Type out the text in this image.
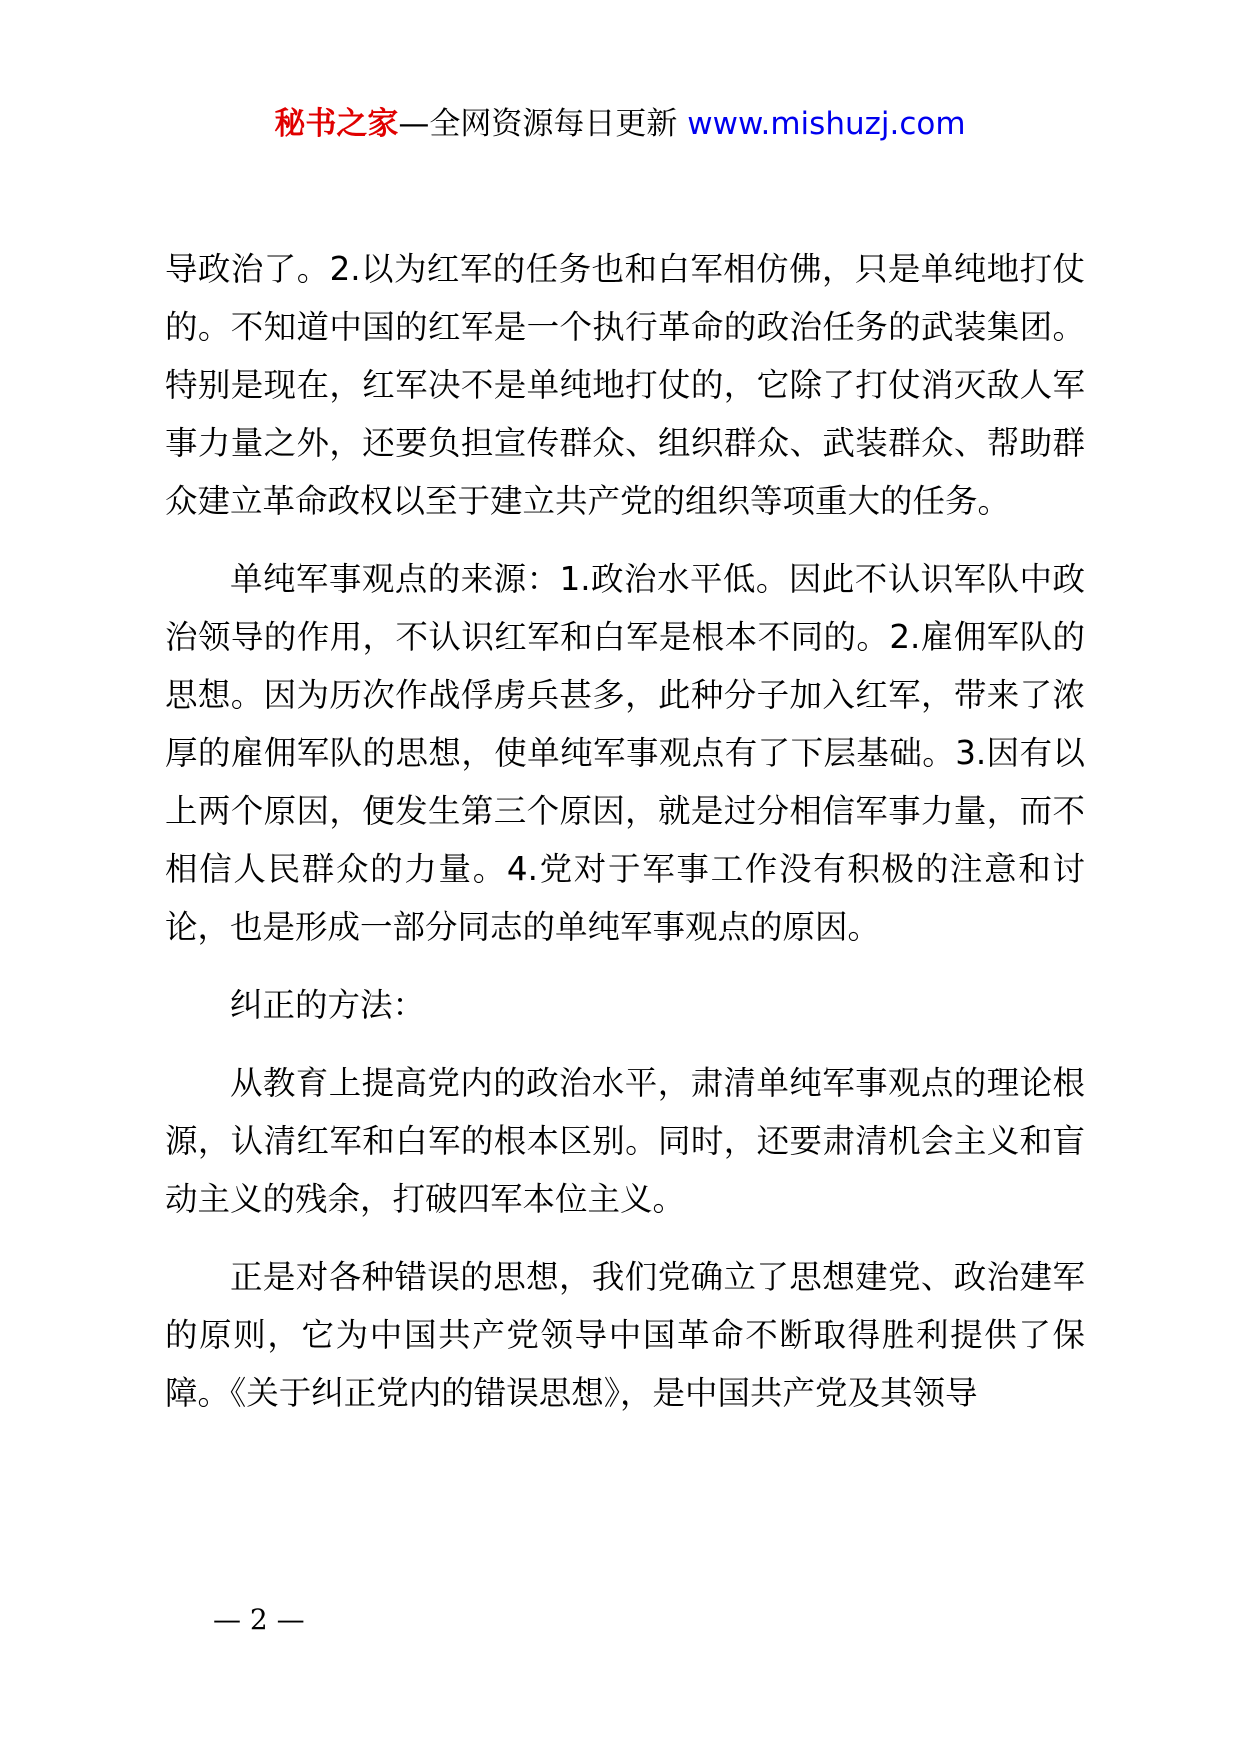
秘书之家—全网资源每日更新 www.mishuzj.com

导政治了。2.以为红军的任务也和白军相仿佛，只是单纯地打仗的。不知道中国的红军是一个执行革命的政治任务的武装集团。特别是现在，红军决不是单纯地打仗的，它除了打仗消灭敌人军事力量之外，还要负担宣传群众、组织群众、武装群众、帮助群众建立革命政权以至于建立共产党的组织等项重大的任务。

单纯军事观点的来源：1.政治水平低。因此不认识军队中政治领导的作用，不认识红军和白军是根本不同的。2.雇佣军队的思想。因为历次作战俘虏兵甚多，此种分子加入红军，带来了浓厚的雇佣军队的思想，使单纯军事观点有了下层基础。3.因有以上两个原因，便发生第三个原因，就是过分相信军事力量，而不相信人民群众的力量。4.党对于军事工作没有积极的注意和讨论，也是形成一部分同志的单纯军事观点的原因。

纠正的方法：

从教育上提高党内的政治水平，肃清单纯军事观点的理论根源，认清红军和白军的根本区别。同时，还要肃清机会主义和盲动主义的残余，打破四军本位主义。

正是对各种错误的思想，我们党确立了思想建党、政治建军的原则，它为中国共产党领导中国革命不断取得胜利提供了保障。《关于纠正党内的错误思想》，是中国共产党及其领导

— 2 —
